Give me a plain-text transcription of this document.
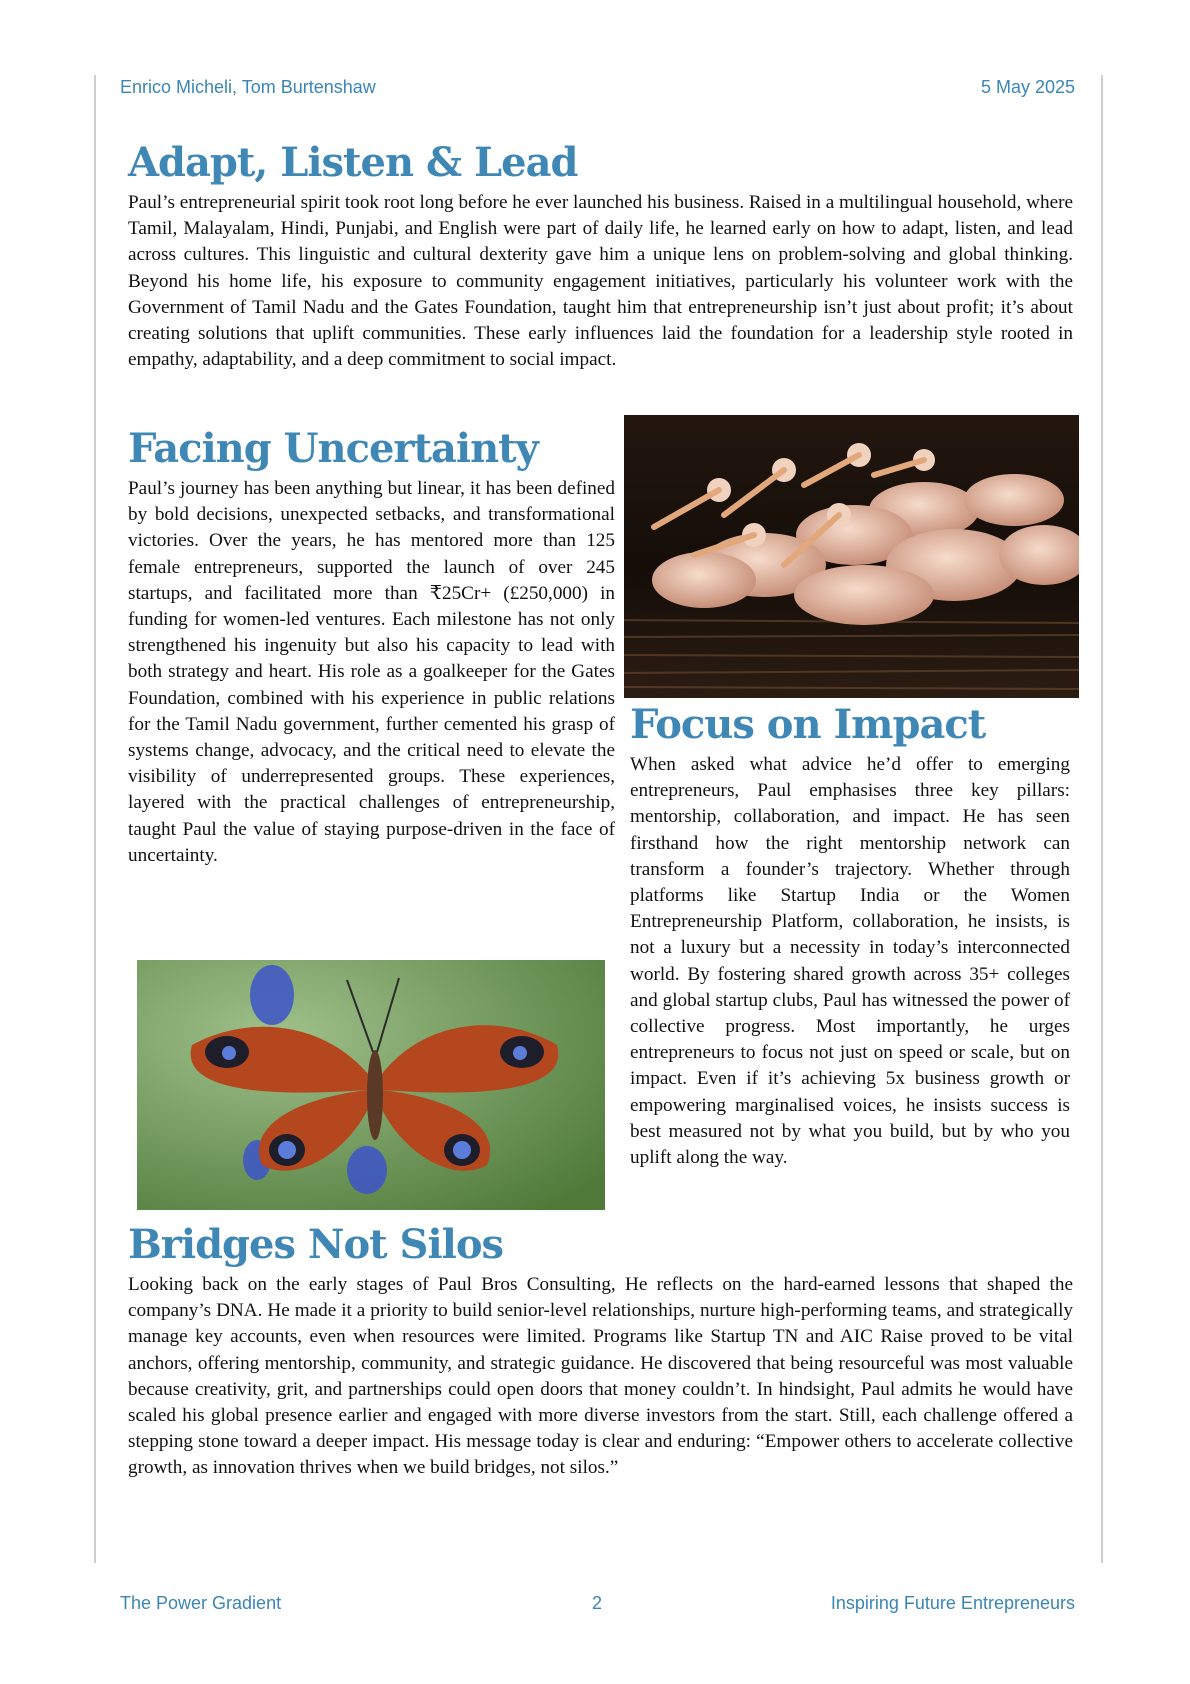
Enrico Micheli, Tom Burtenshaw	5 May 2025
Adapt, Listen & Lead

Paul’s entrepreneurial spirit took root long before he ever launched his business. Raised in a multilingual household, where Tamil, Malayalam, Hindi, Punjabi, and English were part of daily life, he learned early on how to adapt, listen, and lead across cultures. This linguistic and cultural dexterity gave him a unique lens on problem-solving and global thinking. Beyond his home life, his exposure to community engagement initiatives, particularly his volunteer work with the Government of Tamil Nadu and the Gates Foundation, taught him that entrepreneurship isn’t just about profit; it’s about creating solutions that uplift communities. These early influences laid the foundation for a leadership style rooted in empathy, adaptability, and a deep commitment to social impact.

Facing Uncertainty

Paul’s journey has been anything but linear, it has been defined by bold decisions, unexpected setbacks, and transformational victories. Over the years, he has mentored more than 125 female entrepreneurs, supported the launch of over 245 startups, and facilitated more than ₹25Cr+ (£250,000) in funding for women-led ventures. Each milestone has not only strengthened his ingenuity but also his capacity to lead with both strategy and heart. His role as a goalkeeper for the Gates Foundation, combined with his experience in public relations for the Tamil Nadu government, further cemented his grasp of systems change, advocacy, and the critical need to elevate the visibility of underrepresented groups. These experiences, layered with the practical challenges of entrepreneurship, taught Paul the value of staying purpose-driven in the face of uncertainty.

Focus on Impact

When asked what advice he’d offer to emerging entrepreneurs, Paul emphasises three key pillars: mentorship, collaboration, and impact. He has seen firsthand how the right mentorship network can transform a founder’s trajectory. Whether through platforms like Startup India or the Women Entrepreneurship Platform, collaboration, he insists, is not a luxury but a necessity in today’s interconnected world. By fostering shared growth across 35+ colleges and global startup clubs, Paul has witnessed the power of collective progress. Most importantly, he urges entrepreneurs to focus not just on speed or scale, but on impact. Even if it’s achieving 5x business growth or empowering marginalised voices, he insists success is best measured not by what you build, but by who you uplift along the way.

Bridges Not Silos

Looking back on the early stages of Paul Bros Consulting, He reflects on the hard-earned lessons that shaped the company’s DNA. He made it a priority to build senior-level relationships, nurture high-performing teams, and strategically manage key accounts, even when resources were limited. Programs like Startup TN and AIC Raise proved to be vital anchors, offering mentorship, community, and strategic guidance. He discovered that being resourceful was most valuable because creativity, grit, and partnerships could open doors that money couldn’t. In hindsight, Paul admits he would have scaled his global presence earlier and engaged with more diverse investors from the start. Still, each challenge offered a stepping stone toward a deeper impact. His message today is clear and enduring: “Empower others to accelerate collective growth, as innovation thrives when we build bridges, not silos.”

The Power Gradient	2	Inspiring Future Entrepreneurs
